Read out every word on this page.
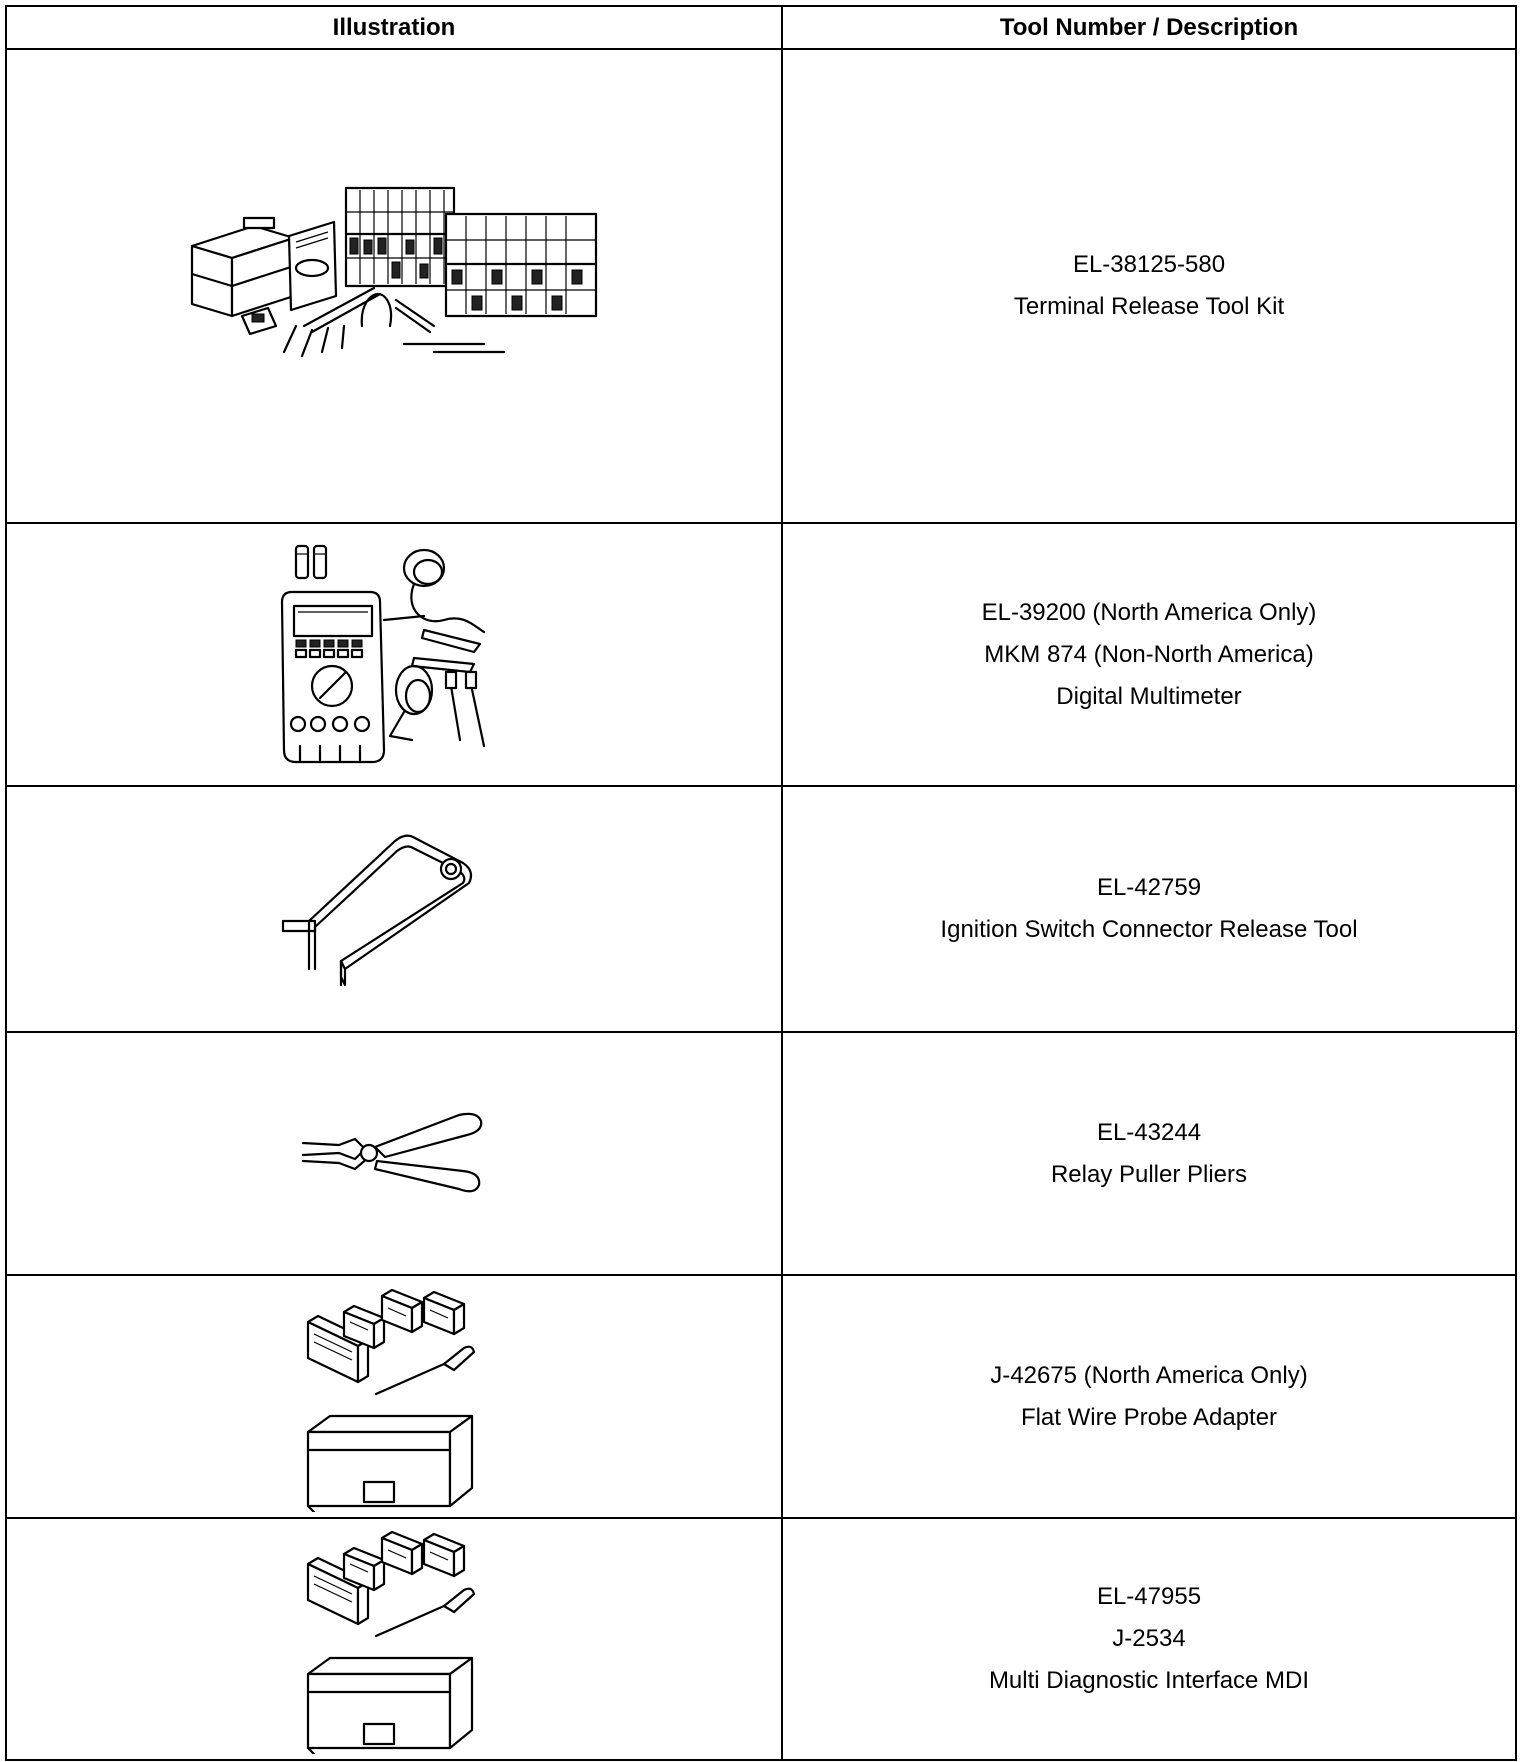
Illustration	Tool Number / Description

EL-38125-580
Terminal Release Tool Kit

EL-39200 (North America Only)
MKM 874 (Non-North America)
Digital Multimeter

EL-42759
Ignition Switch Connector Release Tool

EL-43244
Relay Puller Pliers

J-42675 (North America Only)
Flat Wire Probe Adapter

EL-47955
J-2534
Multi Diagnostic Interface MDI
